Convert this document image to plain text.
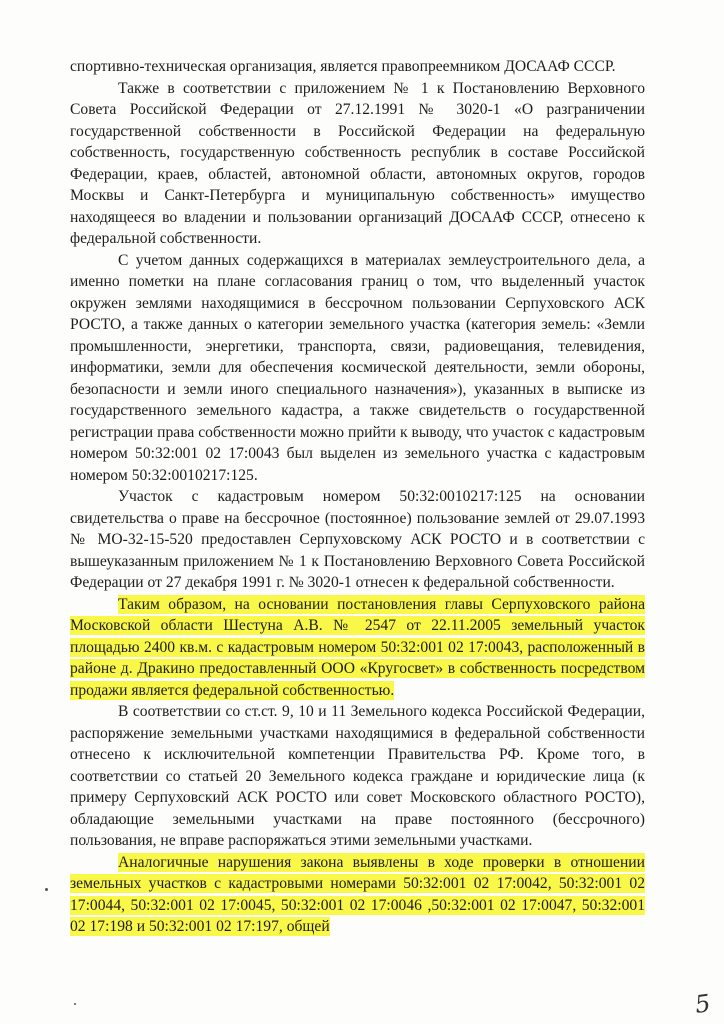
спортивно-техническая организация, является правопреемником ДОСААФ СССР.

Также в соответствии с приложением № 1 к Постановлению Верховного Совета Российской Федерации от 27.12.1991 № 3020-1 «О разграничении государственной собственности в Российской Федерации на федеральную собственность, государственную собственность республик в составе Российской Федерации, краев, областей, автономной области, автономных округов, городов Москвы и Санкт-Петербурга и муниципальную собственность» имущество находящееся во владении и пользовании организаций ДОСААФ СССР, отнесено к федеральной собственности.

С учетом данных содержащихся в материалах землеустроительного дела, а именно пометки на плане согласования границ о том, что выделенный участок окружен землями находящимися в бессрочном пользовании Серпуховского АСК РОСТО, а также данных о категории земельного участка (категория земель: «Земли промышленности, энергетики, транспорта, связи, радиовещания, телевидения, информатики, земли для обеспечения космической деятельности, земли обороны, безопасности и земли иного специального назначения»), указанных в выписке из государственного земельного кадастра, а также свидетельств о государственной регистрации права собственности можно прийти к выводу, что участок с кадастровым номером 50:32:001 02 17:0043 был выделен из земельного участка с кадастровым номером 50:32:0010217:125.

Участок с кадастровым номером 50:32:0010217:125 на основании свидетельства о праве на бессрочное (постоянное) пользование землей от 29.07.1993 № МО-32-15-520 предоставлен Серпуховскому АСК РОСТО и в соответствии с вышеуказанным приложением № 1 к Постановлению Верховного Совета Российской Федерации от 27 декабря 1991 г. № 3020-1 отнесен к федеральной собственности.

Таким образом, на основании постановления главы Серпуховского района Московской области Шестуна А.В. № 2547 от 22.11.2005 земельный участок площадью 2400 кв.м. с кадастровым номером 50:32:001 02 17:0043, расположенный в районе д. Дракино предоставленный ООО «Кругосвет» в собственность посредством продажи является федеральной собственностью.

В соответствии со ст.ст. 9, 10 и 11 Земельного кодекса Российской Федерации, распоряжение земельными участками находящимися в федеральной собственности отнесено к исключительной компетенции Правительства РФ. Кроме того, в соответствии со статьей 20 Земельного кодекса граждане и юридические лица (к примеру Серпуховский АСК РОСТО или совет Московского областного РОСТО), обладающие земельными участками на праве постоянного (бессрочного) пользования, не вправе распоряжаться этими земельными участками.

Аналогичные нарушения закона выявлены в ходе проверки в отношении земельных участков с кадастровыми номерами 50:32:001 02 17:0042, 50:32:001 02 17:0044, 50:32:001 02 17:0045, 50:32:001 02 17:0046 ,50:32:001 02 17:0047, 50:32:001 02 17:198 и 50:32:001 02 17:197, общей

5
